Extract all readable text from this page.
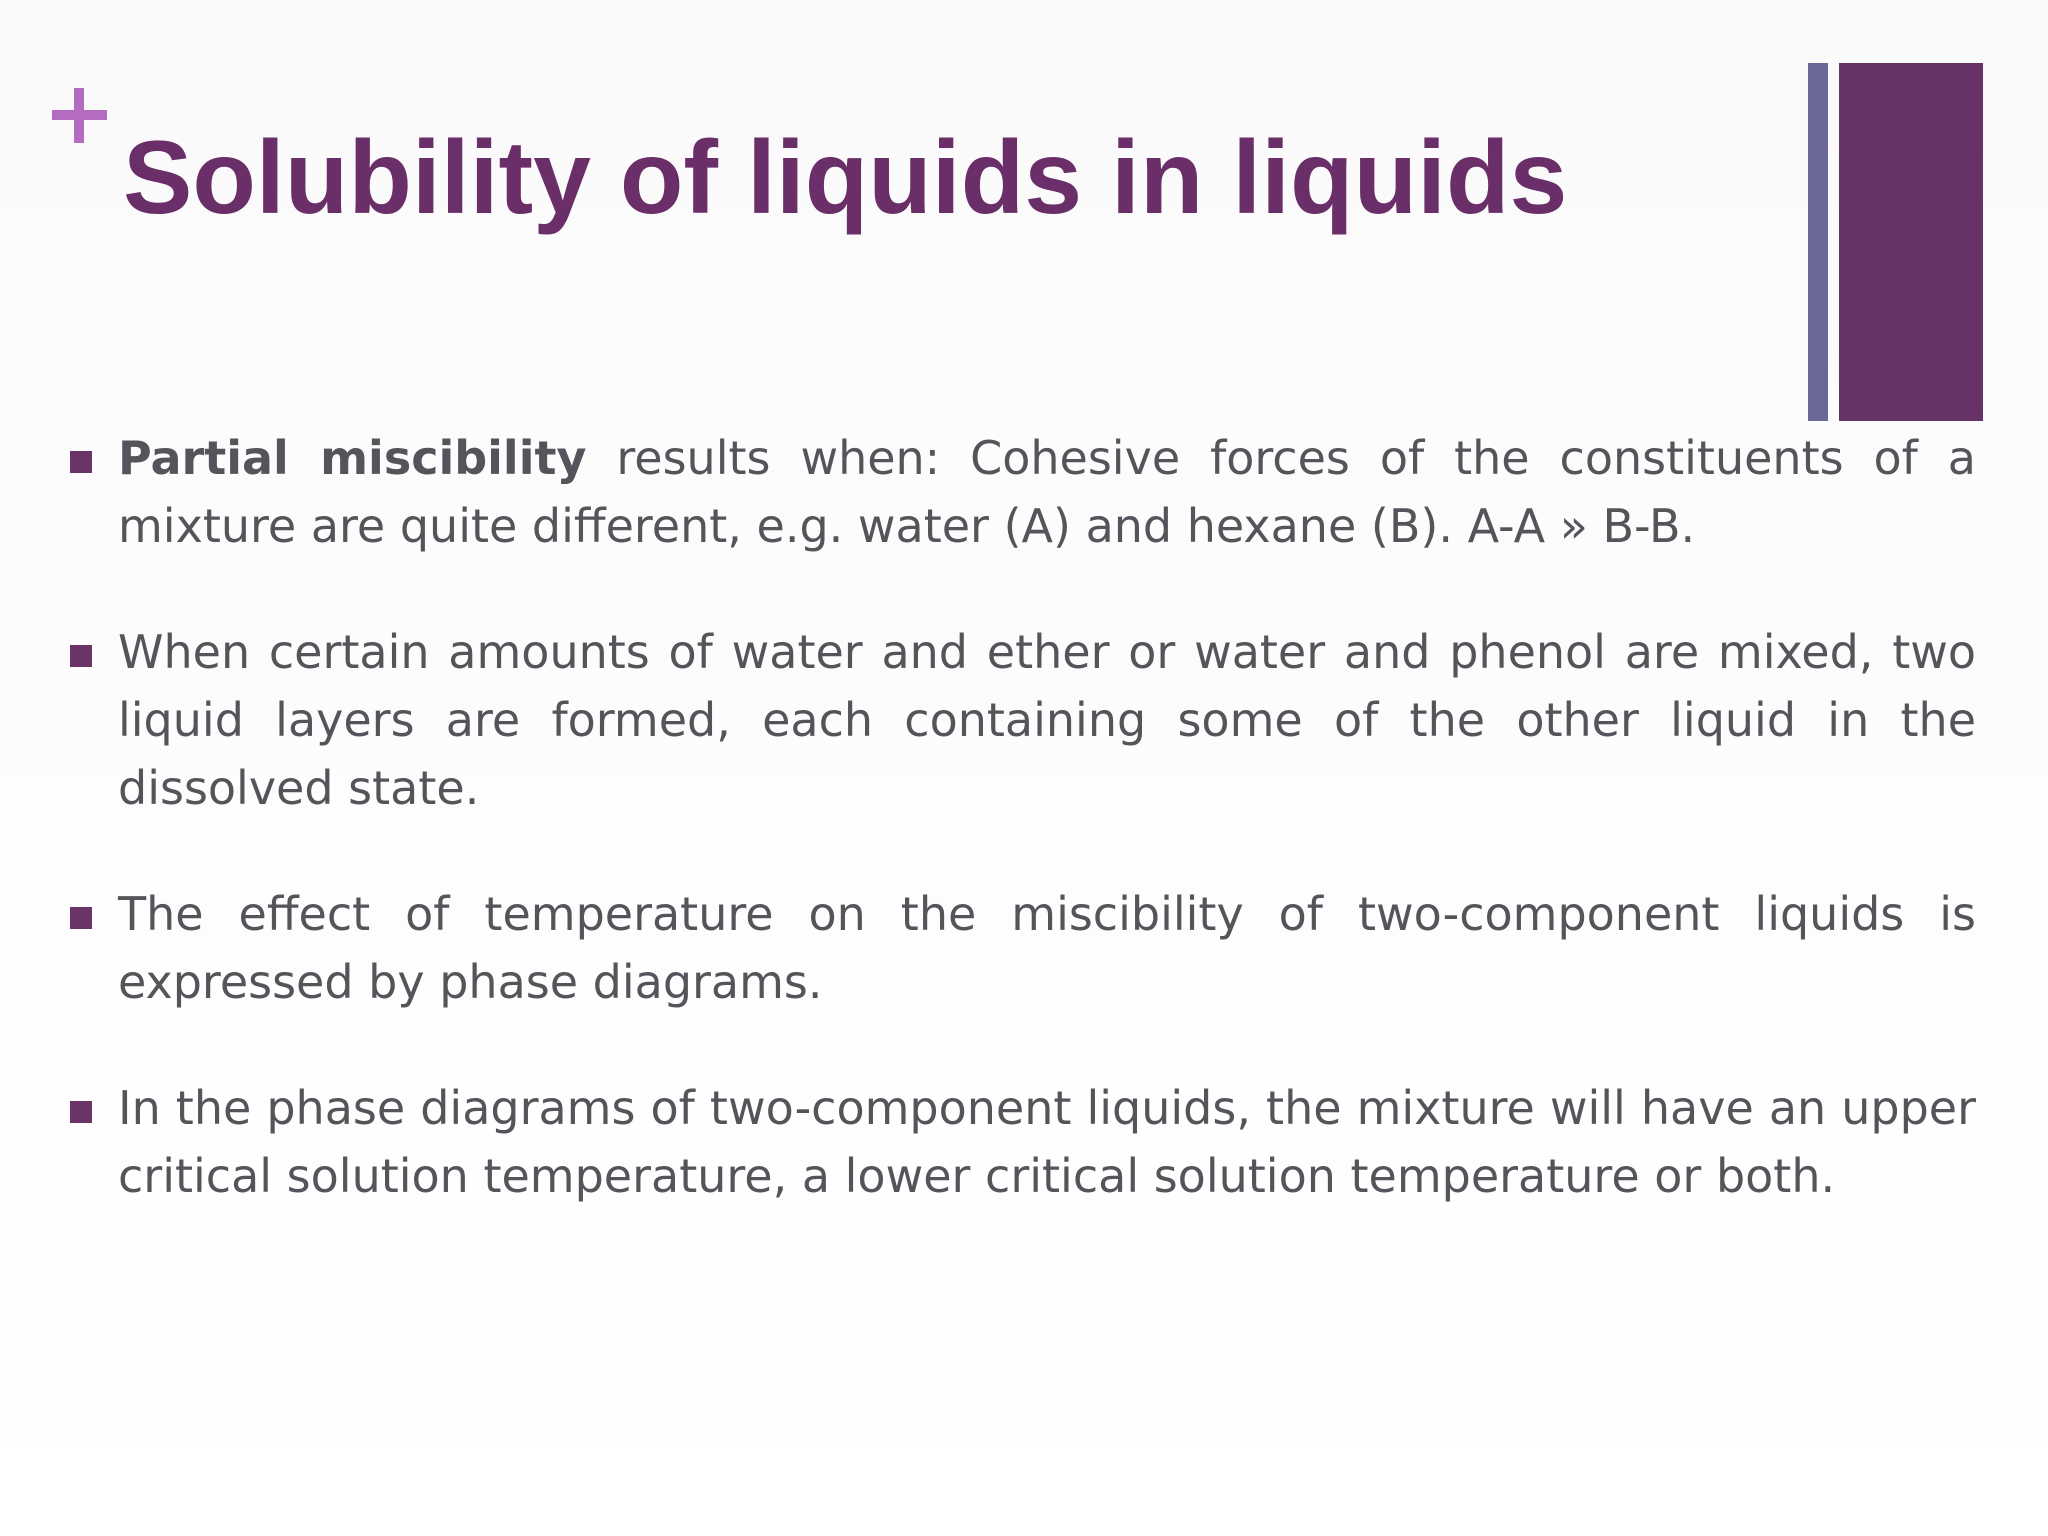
Solubility of liquids in liquids
Partial miscibility results when: Cohesive forces of the constituents of a mixture are quite different, e.g. water (A) and hexane (B). A-A » B-B.
When certain amounts of water and ether or water and phenol are mixed, two liquid layers are formed, each containing some of the other liquid in the dissolved state.
The effect of temperature on the miscibility of two-component liquids is expressed by phase diagrams.
In the phase diagrams of two-component liquids, the mixture will have an upper critical solution temperature, a lower critical solution temperature or both.
